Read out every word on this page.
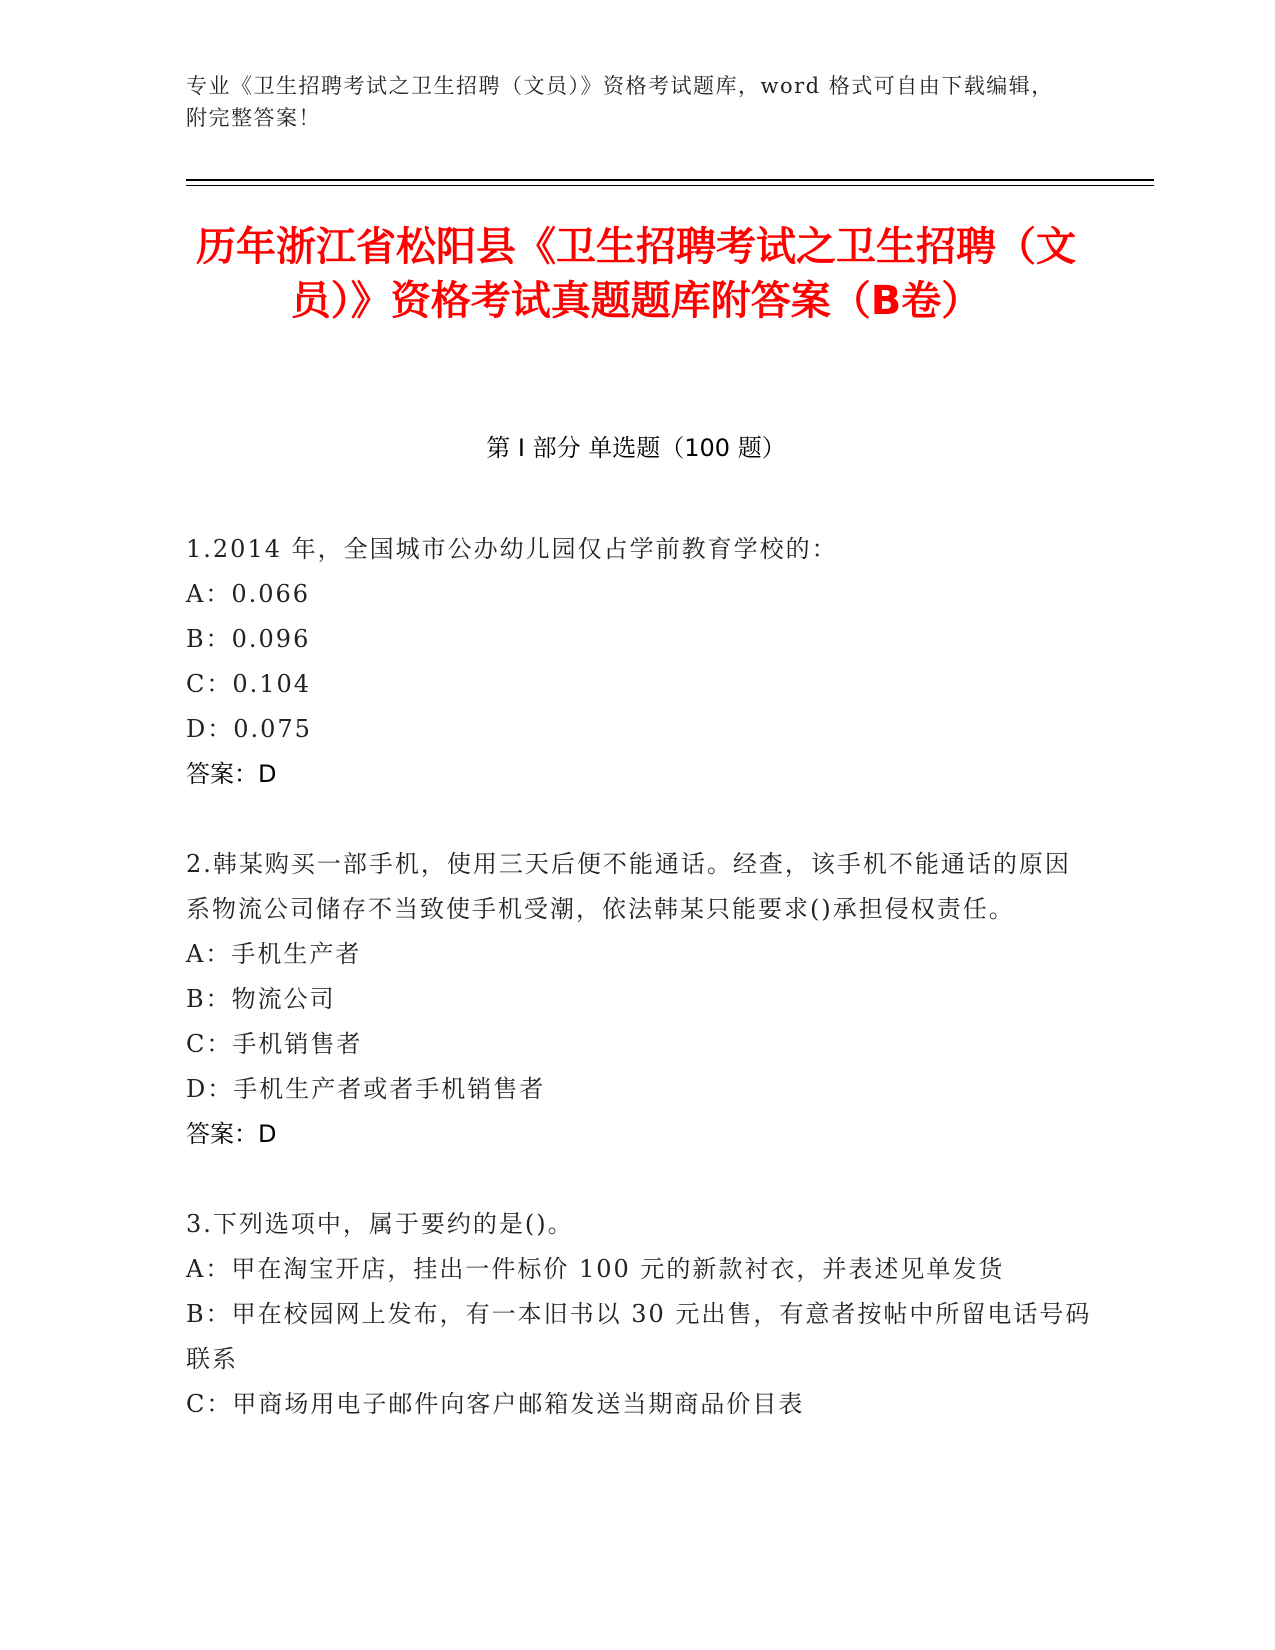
专业《卫生招聘考试之卫生招聘（文员）》资格考试题库，word 格式可自由下载编辑，附完整答案！
历年浙江省松阳县《卫生招聘考试之卫生招聘（文员）》资格考试真题题库附答案（B卷）
第 I 部分 单选题（100 题）
1.2014 年，全国城市公办幼儿园仅占学前教育学校的：
A：0.066
B：0.096
C：0.104
D：0.075
答案：D
2.韩某购买一部手机，使用三天后便不能通话。经查，该手机不能通话的原因系物流公司储存不当致使手机受潮，依法韩某只能要求()承担侵权责任。
A：手机生产者
B：物流公司
C：手机销售者
D：手机生产者或者手机销售者
答案：D
3.下列选项中，属于要约的是()。
A：甲在淘宝开店，挂出一件标价 100 元的新款衬衣，并表述见单发货
B：甲在校园网上发布，有一本旧书以 30 元出售，有意者按帖中所留电话号码联系
C：甲商场用电子邮件向客户邮箱发送当期商品价目表
